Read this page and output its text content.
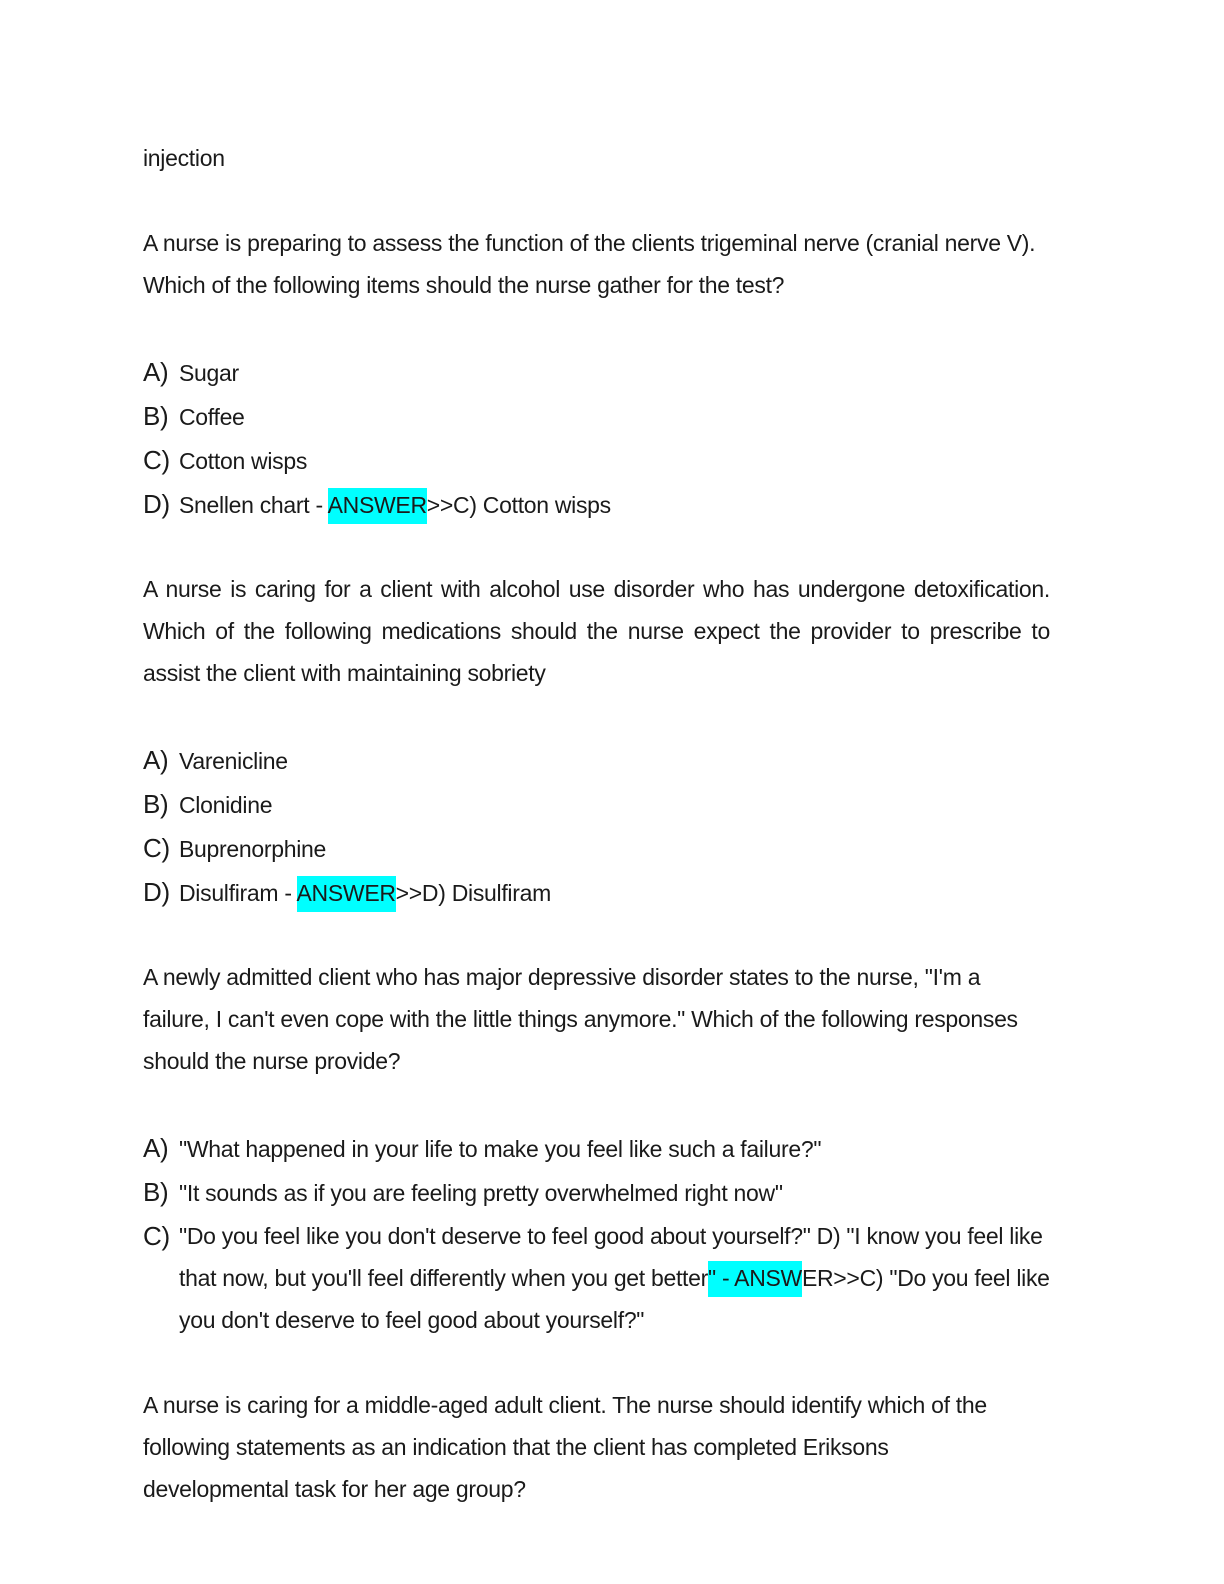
injection

A nurse is preparing to assess the function of the clients trigeminal nerve (cranial nerve V). Which of the following items should the nurse gather for the test?

A) Sugar
B) Coffee
C) Cotton wisps
D) Snellen chart - ANSWER>>C) Cotton wisps

A nurse is caring for a client with alcohol use disorder who has undergone detoxification. Which of the following medications should the nurse expect the provider to prescribe to assist the client with maintaining sobriety

A) Varenicline
B) Clonidine
C) Buprenorphine
D) Disulfiram - ANSWER>>D) Disulfiram

A newly admitted client who has major depressive disorder states to the nurse, "I'm a failure, I can't even cope with the little things anymore." Which of the following responses should the nurse provide?

A) "What happened in your life to make you feel like such a failure?"
B) "It sounds as if you are feeling pretty overwhelmed right now"
C) "Do you feel like you don't deserve to feel good about yourself?" D) "I know you feel like that now, but you'll feel differently when you get better" - ANSWER>>C) "Do you feel like you don't deserve to feel good about yourself?"

A nurse is caring for a middle-aged adult client. The nurse should identify which of the following statements as an indication that the client has completed Eriksons developmental task for her age group?
